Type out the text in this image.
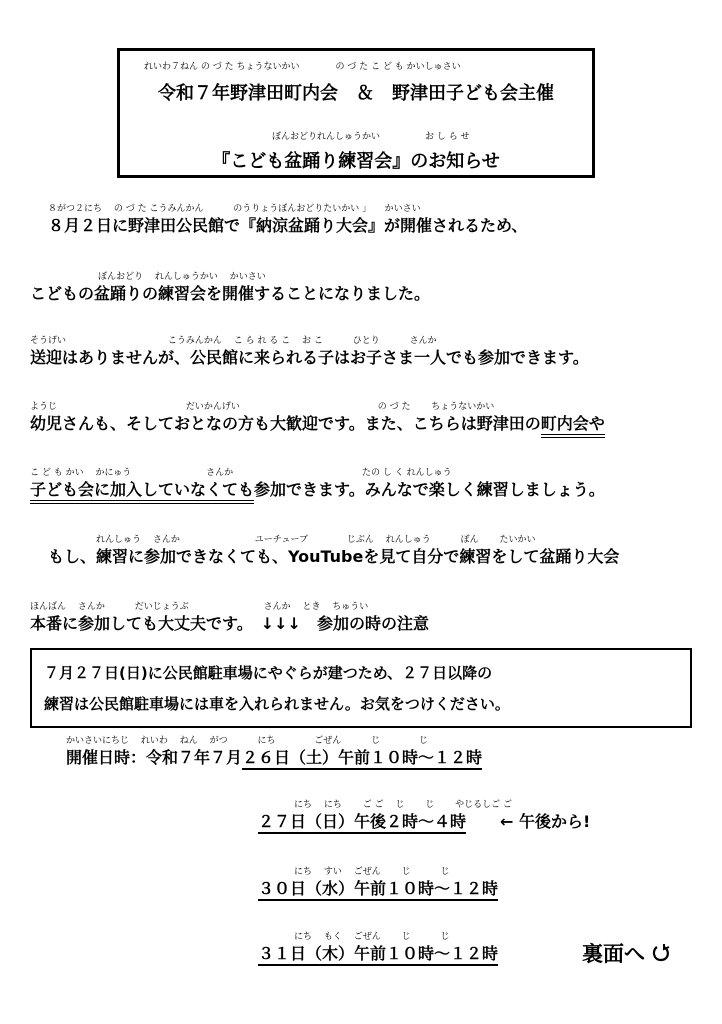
れいわ７ねん の づ た ちょうないかい　　　　の づ た こ ど も かいしゅさい
令和７年野津田町内会　＆　野津田子ども会主催
ぼんおどりれんしゅうかい　　　　　お し ら せ
『こども盆踊り練習会』のお知らせ
８がつ２にち　 の づ た こうみんかん　　　 のうりょうぼんおどりたいかい 」　　かいさい
８月２日に野津田公民館で『納涼盆踊り大会』が開催されるため、
ぼんおどり　 れんしゅうかい　 かいさい
こどもの盆踊りの練習会を開催することになりました。
そうげい　　　　　　　　　　　 こうみんかん　 こ ら れ る こ　 お こ　　　 ひとり　　　 さんか
送迎はありませんが、公民館に来られる子はお子さま一人でも参加できます。
ようじ　　　　　　　　　　　　　　 だいかんげい　　　　　　　　　　　　　　　 の づ た　　 ちょうないかい
幼児さんも、そしておとなの方も大歓迎です。また、こちらは野津田の町内会や
こ ど も かい　 かにゅう　　　　　　　　 さんか　　　　　　　　　　　　　　 たの し く れんしゅう
子ども会に加入していなくても参加できます。みんなで楽しく練習しましょう。
れんしゅう　 さんか　　　　　　　　 ユーチューブ　　　　 じぶん　 れんしゅう　　　 ぼん　　 たいかい
もし、練習に参加できなくても、YouTubeを見て自分で練習をして盆踊り大会
ほんばん　 さんか　　　 だいじょうぶ　　　　　　　　 さんか　 とき　 ちゅうい
本番に参加しても大丈夫です。　↓↓↓　参加の時の注意
７月２７日(日)に公民館駐車場にやぐらが建つため、２７日以降の
練習は公民館駐車場には車を入れられません。お気をつけください。
かいさいにちじ　 れいわ　 ねん　 がつ　　　 にち　　　　 ごぜん　　　 じ　　　　 じ
開催日時：令和７年７月２６日（土）午前１０時～１２時
にち　 にち　　 ご ご　 じ　　 じ　　 やじるしご ご
２７日（日）午後２時～４時 ← 午後から!
にち　 すい　 ごぜん　　 じ　　　 じ
３０日（水）午前１０時～１２時
にち　 もく　 ごぜん　　 じ　　　 じ
３１日（木）午前１０時～１２時	裏面へ
